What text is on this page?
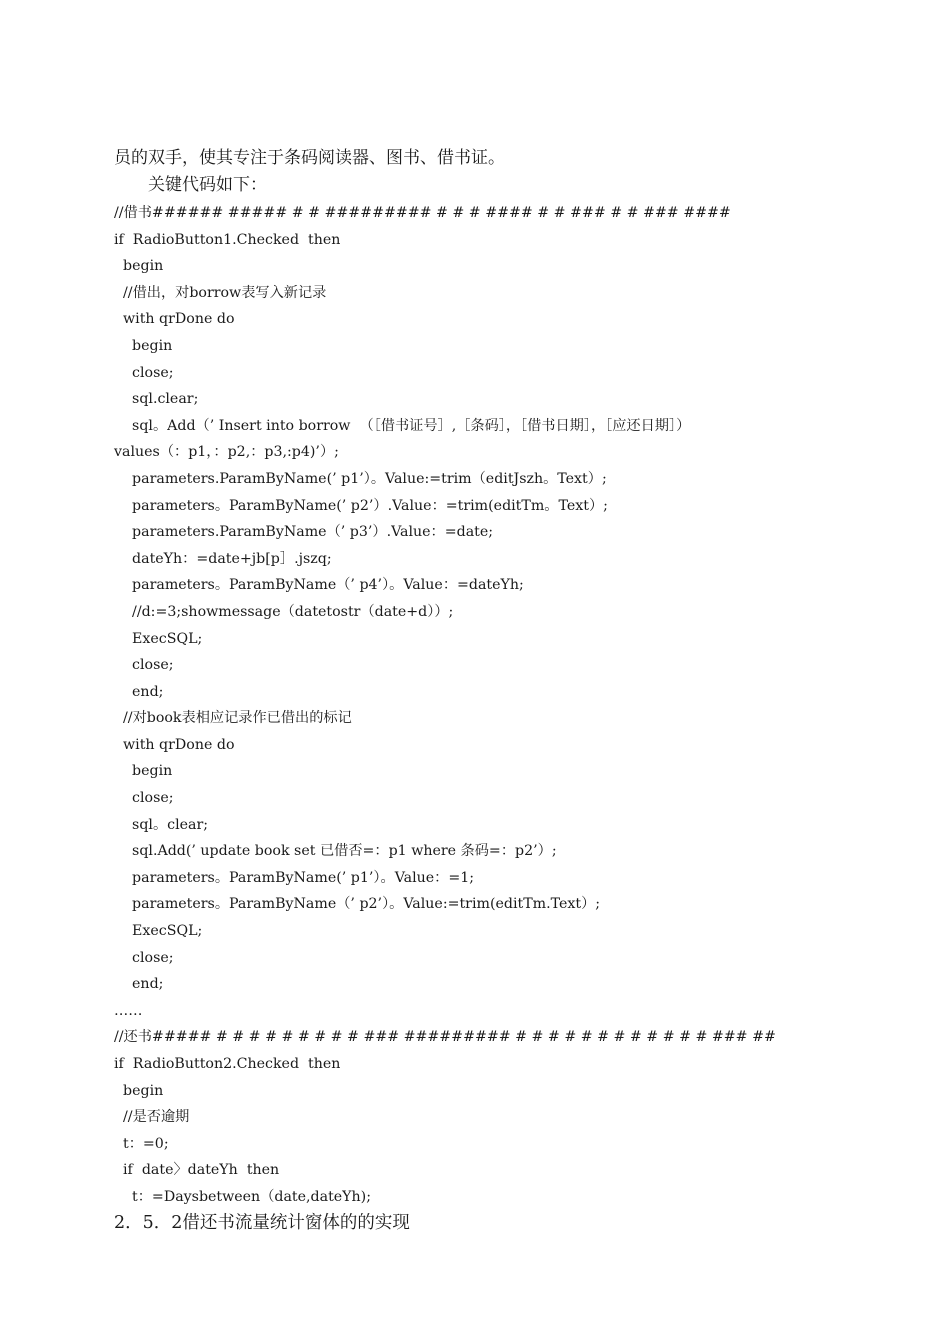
员的双手，使其专注于条码阅读器、图书、借书证。
关键代码如下：
//借书###### ##### # # ######### # # # #### # # ### # # ### ####
if  RadioButton1.Checked  then
begin
//借出，对borrow表写入新记录
with qrDone do
begin
close;
sql.clear;
sql。Add（’ Insert into borrow  （［借书证号］,［条码］，［借书日期］，［应还日期］）
values（：p1，：p2,：p3,:p4)’）;
parameters.ParamByName(’ p1’）。Value:=trim（editJszh。Text）;
parameters。ParamByName(’ p2’）.Value：=trim(editTm。Text）;
parameters.ParamByName（’ p3’）.Value：=date;
dateYh：=date+jb[p］.jszq;
parameters。ParamByName（’ p4’）。Value：=dateYh;
//d:=3;showmessage（datetostr（date+d））;
ExecSQL;
close;
end;
//对book表相应记录作已借出的标记
with qrDone do
begin
close;
sql。clear;
sql.Add(’ update book set 已借否=：p1 where 条码=：p2’）;
parameters。ParamByName(’ p1’）。Value：=1;
parameters。ParamByName（’ p2’）。Value:=trim(editTm.Text）;
ExecSQL;
close;
end;
……
//还书##### # # # # # # # # # ### ######### # # # # # # # # # # # # ### ##
if  RadioButton2.Checked  then
begin
//是否逾期
t：=0;
if  date〉dateYh  then
t：=Daysbetween（date,dateYh);
2．5．2借还书流量统计窗体的的实现
